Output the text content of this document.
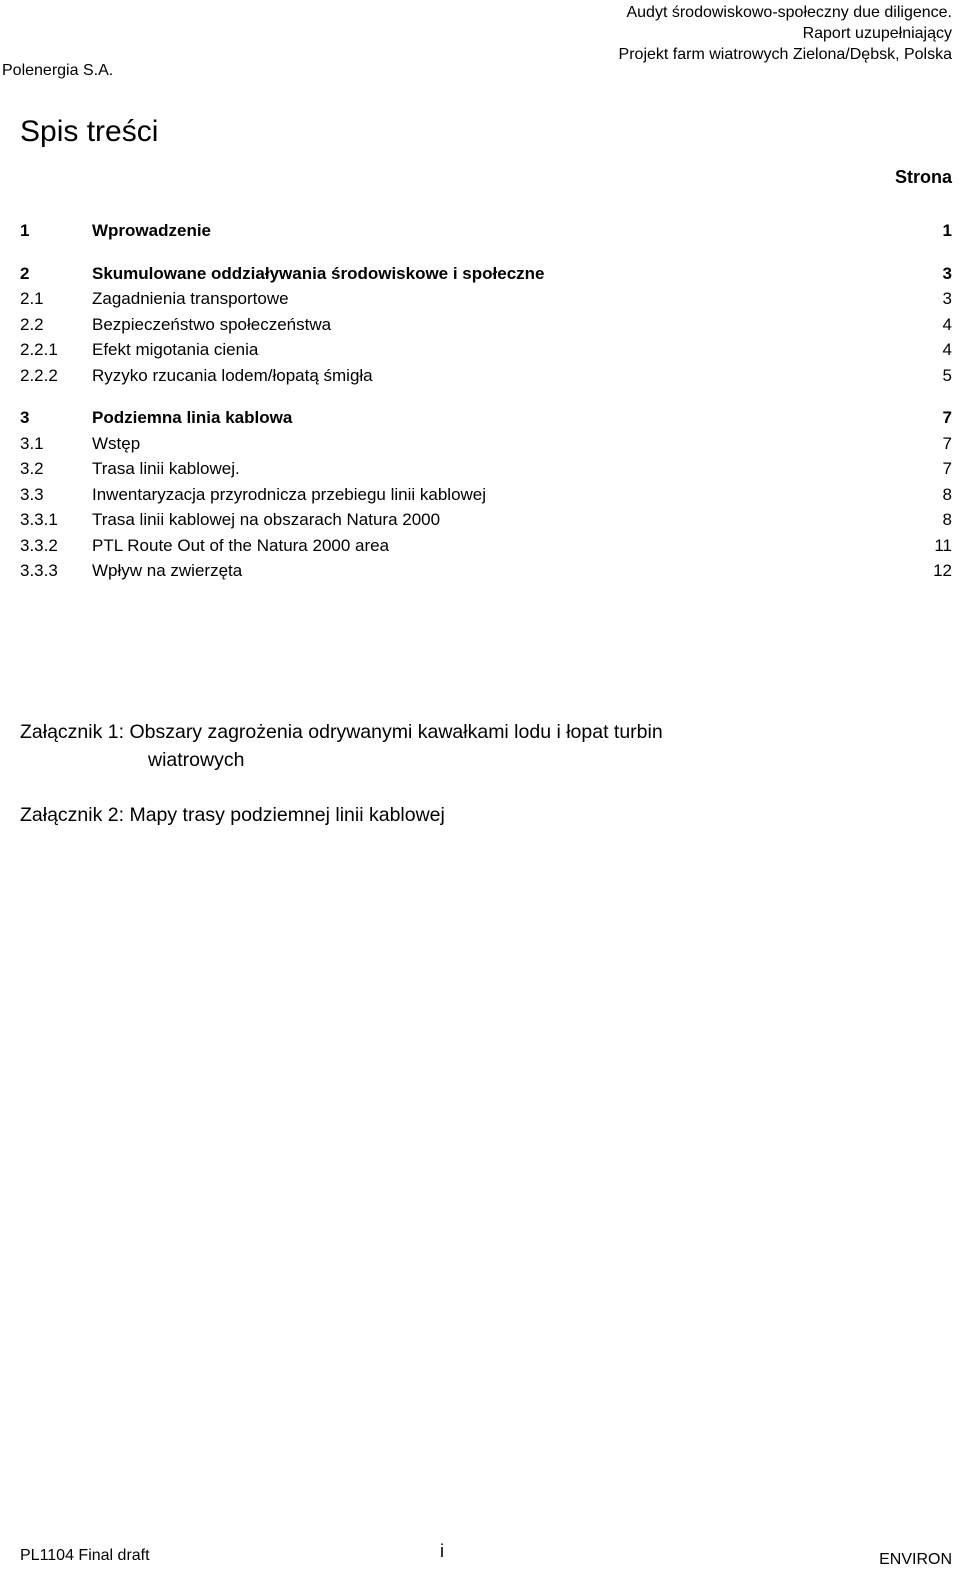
Polenergia S.A.
Audyt środowiskowo-społeczny due diligence.
Raport uzupełniający
Projekt farm wiatrowych Zielona/Dębsk, Polska
Spis treści
Strona
1	Wprowadzenie	1
2	Skumulowane oddziaływania środowiskowe i społeczne	3
2.1	Zagadnienia transportowe	3
2.2	Bezpieczeństwo społeczeństwa	4
2.2.1 Efekt migotania cienia	4
2.2.2 Ryzyko rzucania lodem/łopatą śmigła	5
3	Podziemna linia kablowa	7
3.1	Wstęp	7
3.2	Trasa linii kablowej.	7
3.3	Inwentaryzacja przyrodnicza przebiegu linii kablowej	8
3.3.1 Trasa linii kablowej na obszarach Natura 2000	8
3.3.2 PTL Route Out of the Natura 2000 area	11
3.3.3 Wpływ na zwierzęta	12
Załącznik 1: Obszary zagrożenia odrywanymi kawałkami lodu i łopat turbin
wiatrowych
Załącznik 2: Mapy trasy podziemnej linii kablowej
PL1104 Final draft	i	ENVIRON
